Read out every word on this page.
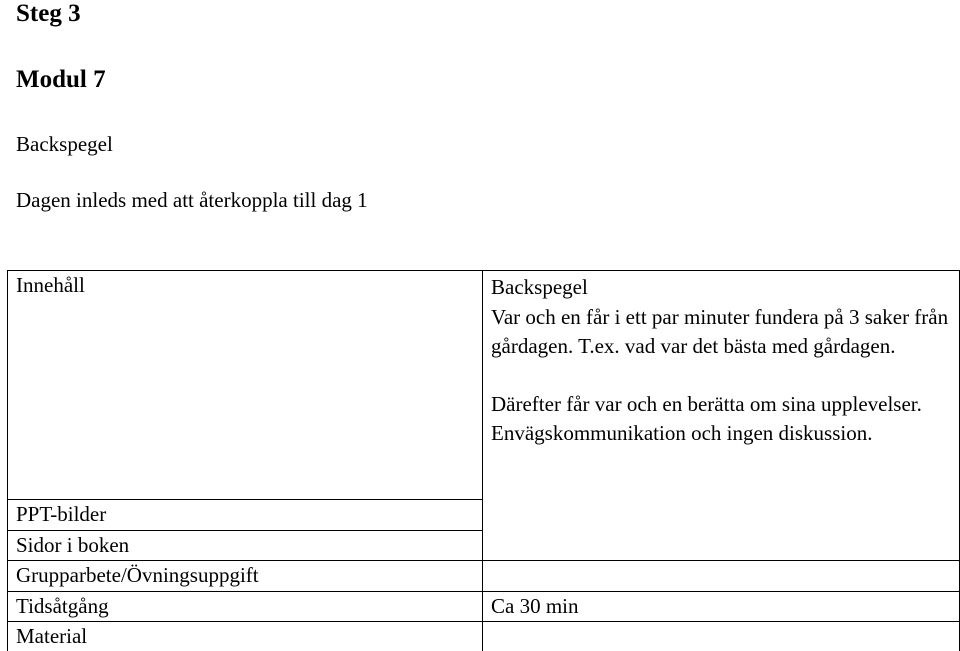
Steg 3
Modul 7

Backspegel

Dagen inleds med att återkoppla till dag 1

Innehåll	Backspegel

Var och en får i ett par minuter fundera på 3 saker från gårdagen. T.ex. vad var det bästa med gårdagen.

Därefter får var och en berätta om sina upplevelser. Envägskommunikation och ingen diskussion.

PPT-bilder	
Sidor i boken	
Grupparbete/Övningsuppgift	
Tidsåtgång	Ca 30 min
Material	
